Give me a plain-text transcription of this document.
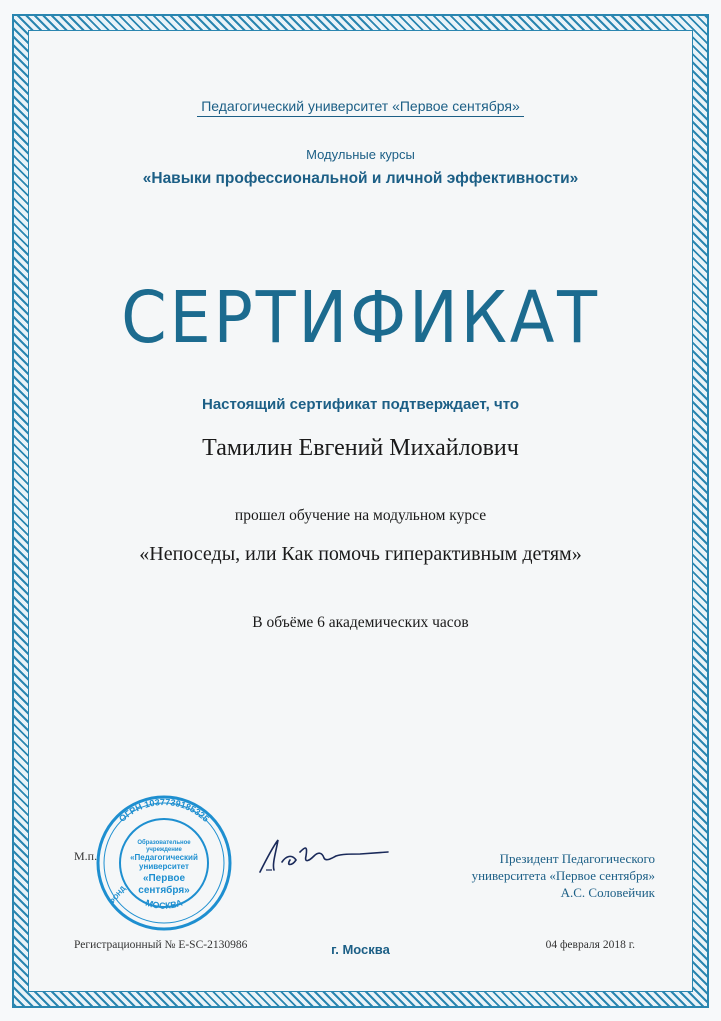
Педагогический университет «Первое сентября»
Модульные курсы
«Навыки профессиональной и личной эффективности»
СЕРТИФИКАТ
Настоящий сертификат подтверждает, что
Тамилин Евгений Михайлович
прошел обучение на модульном курсе
«Непоседы, или Как помочь гиперактивным детям»
В объёме 6 академических часов
М.п.
ОГРН 1037739185325
МОСКВА
ФОНД
Образовательное
учреждение
«Педагогический
университет
«Первое
сентября»
Президент Педагогического
университета «Первое сентября»
А.С. Соловейчик
Регистрационный № E-SC-2130986	г. Москва	04 февраля 2018 г.
